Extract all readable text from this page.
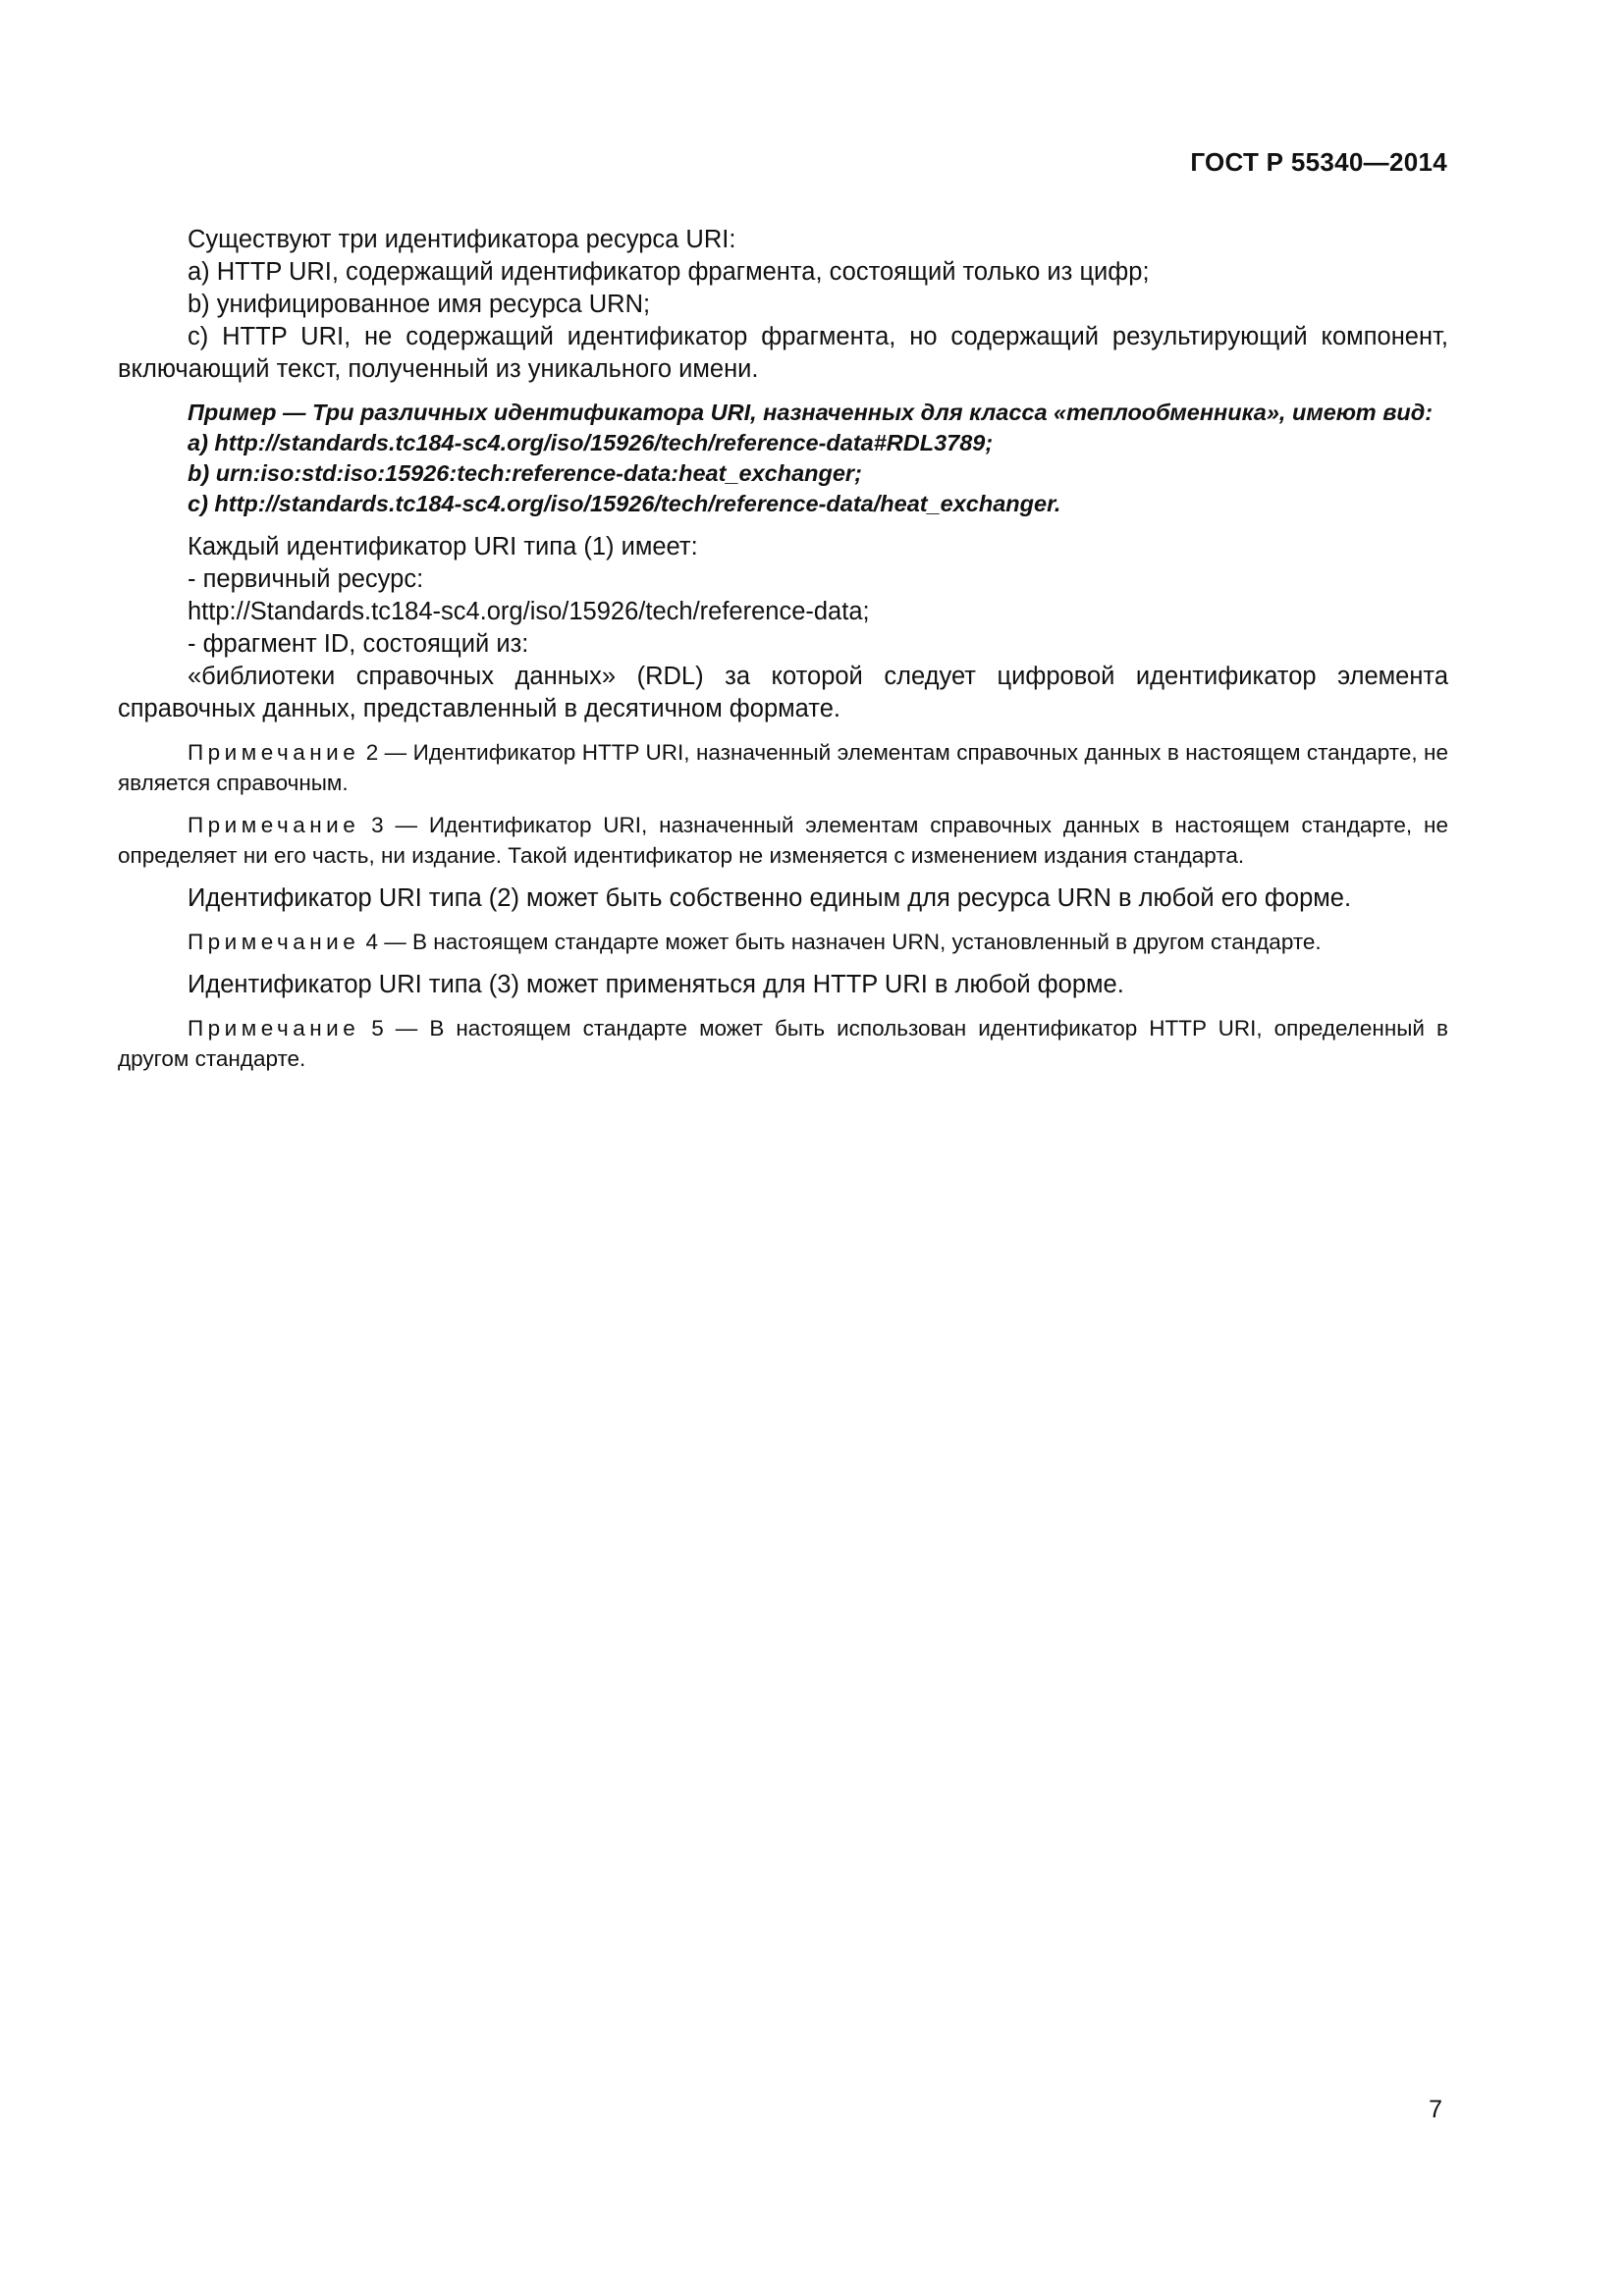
ГОСТ Р 55340—2014

Существуют три идентификатора ресурса URI:

a) HTTP URI, содержащий идентификатор фрагмента, состоящий только из цифр;

b) унифицированное имя ресурса URN;

c) HTTP URI, не содержащий идентификатор фрагмента, но содержащий результирующий компонент, включающий текст, полученный из уникального имени.

Пример — Три различных идентификатора URI, назначенных для класса «теплообменника», имеют вид:

a) http://standards.tc184-sc4.org/iso/15926/tech/reference-data#RDL3789;

b) urn:iso:std:iso:15926:tech:reference-data:heat_exchanger;

c) http://standards.tc184-sc4.org/iso/15926/tech/reference-data/heat_exchanger.

Каждый идентификатор URI типа (1) имеет:

- первичный ресурс:

http://Standards.tc184-sc4.org/iso/15926/tech/reference-data;

- фрагмент ID, состоящий из:

«библиотеки справочных данных» (RDL) за которой следует цифровой идентификатор элемента справочных данных, представленный в десятичном формате.

Примечание 2 — Идентификатор HTTP URI, назначенный элементам справочных данных в настоящем стандарте, не является справочным.

Примечание 3 — Идентификатор URI, назначенный элементам справочных данных в настоящем стандарте, не определяет ни его часть, ни издание. Такой идентификатор не изменяется с изменением издания стандарта.

Идентификатор URI типа (2) может быть собственно единым для ресурса URN в любой его форме.

Примечание 4 — В настоящем стандарте может быть назначен URN, установленный в другом стандарте.

Идентификатор URI типа (3) может применяться для HTTP URI в любой форме.

Примечание 5 — В настоящем стандарте может быть использован идентификатор HTTP URI, определенный в другом стандарте.

7
